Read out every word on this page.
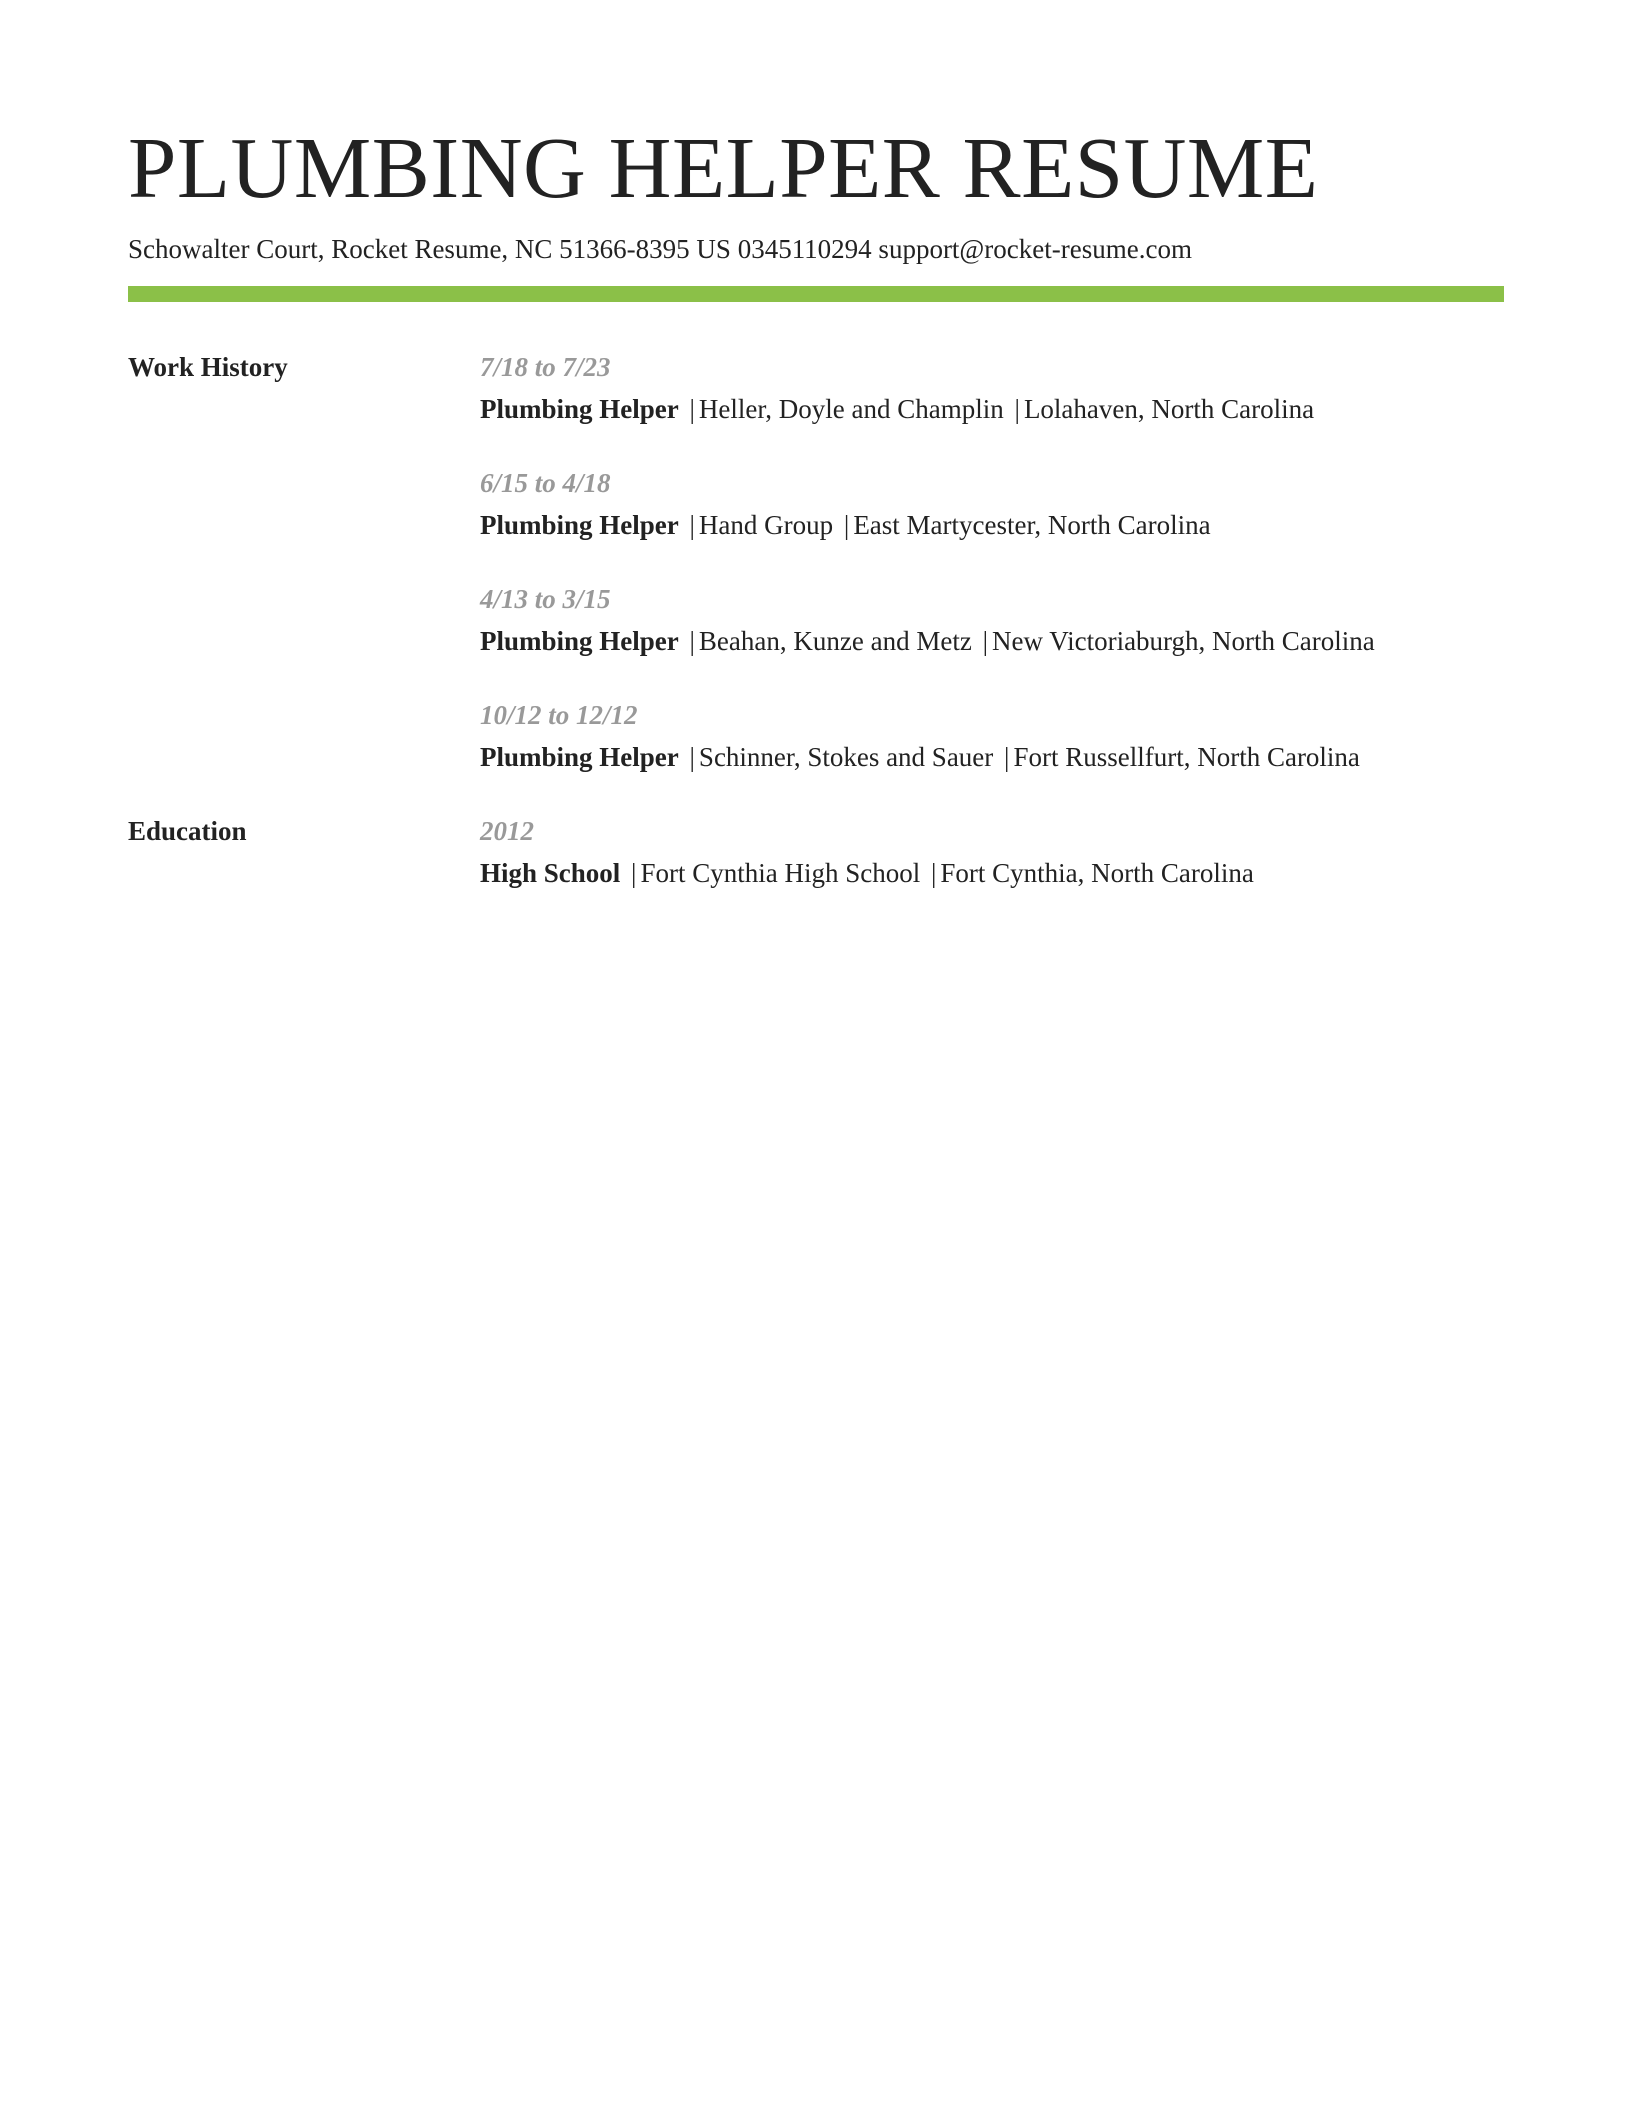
PLUMBING HELPER RESUME
Schowalter Court, Rocket Resume, NC 51366-8395 US 0345110294 support@rocket-resume.com
Work History	7/18 to 7/23
Plumbing Helper | Heller, Doyle and Champlin | Lolahaven, North Carolina
6/15 to 4/18
Plumbing Helper | Hand Group | East Martycester, North Carolina
4/13 to 3/15
Plumbing Helper | Beahan, Kunze and Metz | New Victoriaburgh, North Carolina
10/12 to 12/12
Plumbing Helper | Schinner, Stokes and Sauer | Fort Russellfurt, North Carolina
Education	2012
High School | Fort Cynthia High School | Fort Cynthia, North Carolina
